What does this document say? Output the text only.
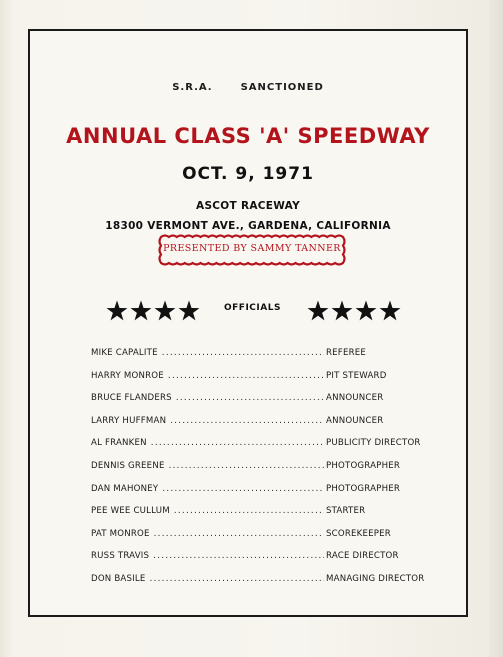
S.R.A.	SANCTIONED
ANNUAL CLASS 'A' SPEEDWAY
OCT. 9, 1971
ASCOT RACEWAY
18300 VERMONT AVE., GARDENA, CALIFORNIA
PRESENTED BY SAMMY TANNER
OFFICIALS
MIKE CAPALITE .....	REFEREE
HARRY MONROE .....	PIT STEWARD
BRUCE FLANDERS .....	ANNOUNCER
LARRY HUFFMAN .....	ANNOUNCER
AL FRANKEN .....	PUBLICITY DIRECTOR
DENNIS GREENE .....	PHOTOGRAPHER
DAN MAHONEY .....	PHOTOGRAPHER
PEE WEE CULLUM .....	STARTER
PAT MONROE .....	SCOREKEEPER
RUSS TRAVIS .....	RACE DIRECTOR
DON BASILE .....	MANAGING DIRECTOR
